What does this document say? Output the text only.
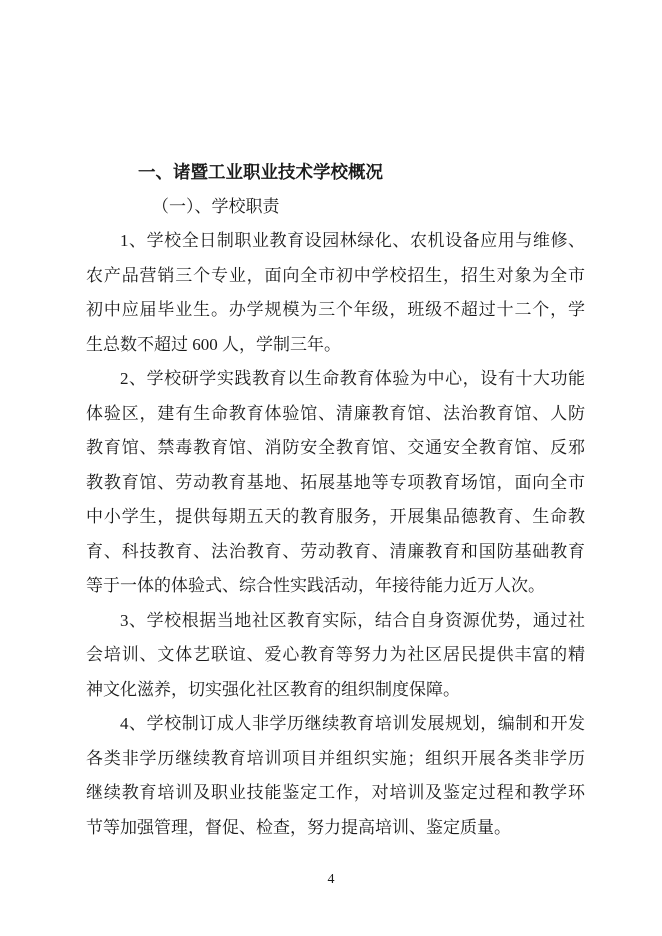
一、诸暨工业职业技术学校概况
（一）、学校职责
1、学校全日制职业教育设园林绿化、农机设备应用与维修、
农产品营销三个专业，面向全市初中学校招生，招生对象为全市
初中应届毕业生。办学规模为三个年级，班级不超过十二个，学
生总数不超过 600 人，学制三年。
2、学校研学实践教育以生命教育体验为中心，设有十大功能
体验区，建有生命教育体验馆、清廉教育馆、法治教育馆、人防
教育馆、禁毒教育馆、消防安全教育馆、交通安全教育馆、反邪
教教育馆、劳动教育基地、拓展基地等专项教育场馆，面向全市
中小学生，提供每期五天的教育服务，开展集品德教育、生命教
育、科技教育、法治教育、劳动教育、清廉教育和国防基础教育
等于一体的体验式、综合性实践活动，年接待能力近万人次。
3、学校根据当地社区教育实际，结合自身资源优势，通过社
会培训、文体艺联谊、爱心教育等努力为社区居民提供丰富的精
神文化滋养，切实强化社区教育的组织制度保障。
4、学校制订成人非学历继续教育培训发展规划，编制和开发
各类非学历继续教育培训项目并组织实施；组织开展各类非学历
继续教育培训及职业技能鉴定工作，对培训及鉴定过程和教学环
节等加强管理，督促、检查，努力提高培训、鉴定质量。
4
